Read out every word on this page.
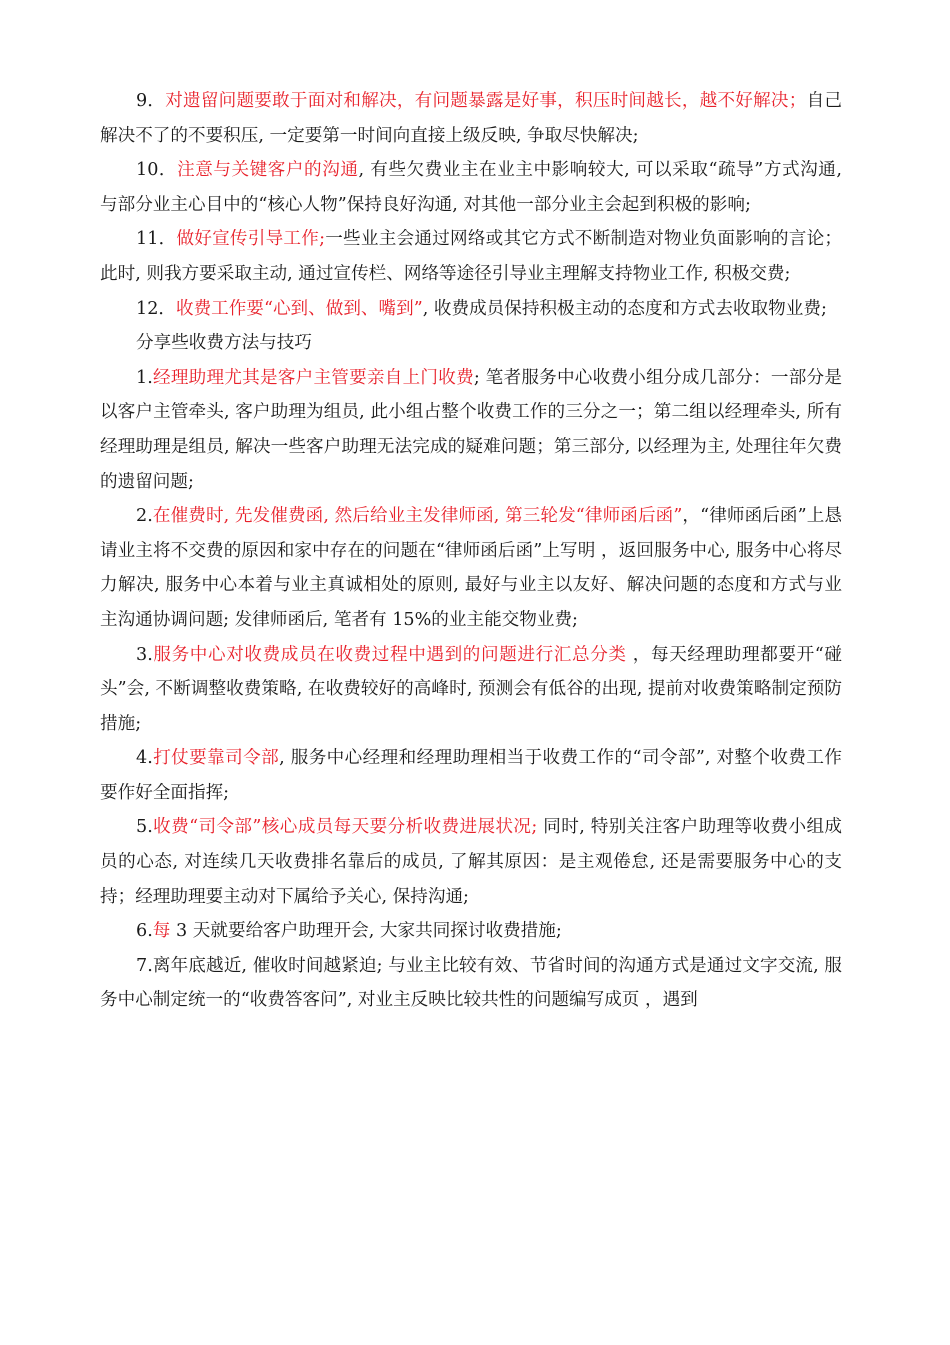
9．对遗留问题要敢于面对和解决，有问题暴露是好事，积压时间越长，越不好解决；自己解决不了的不要积压, 一定要第一时间向直接上级反映, 争取尽快解决;

10．注意与关键客户的沟通, 有些欠费业主在业主中影响较大, 可以采取“疏导”方式沟通, 与部分业主心目中的“核心人物”保持良好沟通, 对其他一部分业主会起到积极的影响;

11．做好宣传引导工作;一些业主会通过网络或其它方式不断制造对物业负面影响的言论；此时, 则我方要采取主动, 通过宣传栏、网络等途径引导业主理解支持物业工作, 积极交费;

12．收费工作要“心到、做到、嘴到”, 收费成员保持积极主动的态度和方式去收取物业费;

分享些收费方法与技巧

1.经理助理尤其是客户主管要亲自上门收费; 笔者服务中心收费小组分成几部分：一部分是以客户主管牵头, 客户助理为组员, 此小组占整个收费工作的三分之一；第二组以经理牵头, 所有经理助理是组员, 解决一些客户助理无法完成的疑难问题；第三部分, 以经理为主, 处理往年欠费的遗留问题;

2.在催费时, 先发催费函, 然后给业主发律师函, 第三轮发“律师函后函”，“律师函后函”上恳请业主将不交费的原因和家中存在的问题在“律师函后函”上写明 ，返回服务中心, 服务中心将尽力解决, 服务中心本着与业主真诚相处的原则, 最好与业主以友好、解决问题的态度和方式与业主沟通协调问题; 发律师函后, 笔者有 15%的业主能交物业费;

3.服务中心对收费成员在收费过程中遇到的问题进行汇总分类 ，每天经理助理都要开“碰头”会, 不断调整收费策略, 在收费较好的高峰时, 预测会有低谷的出现, 提前对收费策略制定预防措施;

4.打仗要靠司令部, 服务中心经理和经理助理相当于收费工作的“司令部”, 对整个收费工作要作好全面指挥;

5.收费“司令部”核心成员每天要分析收费进展状况; 同时, 特别关注客户助理等收费小组成员的心态, 对连续几天收费排名靠后的成员, 了解其原因：是主观倦怠, 还是需要服务中心的支持；经理助理要主动对下属给予关心, 保持沟通;

6.每 3 天就要给客户助理开会, 大家共同探讨收费措施;

7.离年底越近, 催收时间越紧迫; 与业主比较有效、节省时间的沟通方式是通过文字交流, 服务中心制定统一的“收费答客问”, 对业主反映比较共性的问题编写成页 ，遇到
